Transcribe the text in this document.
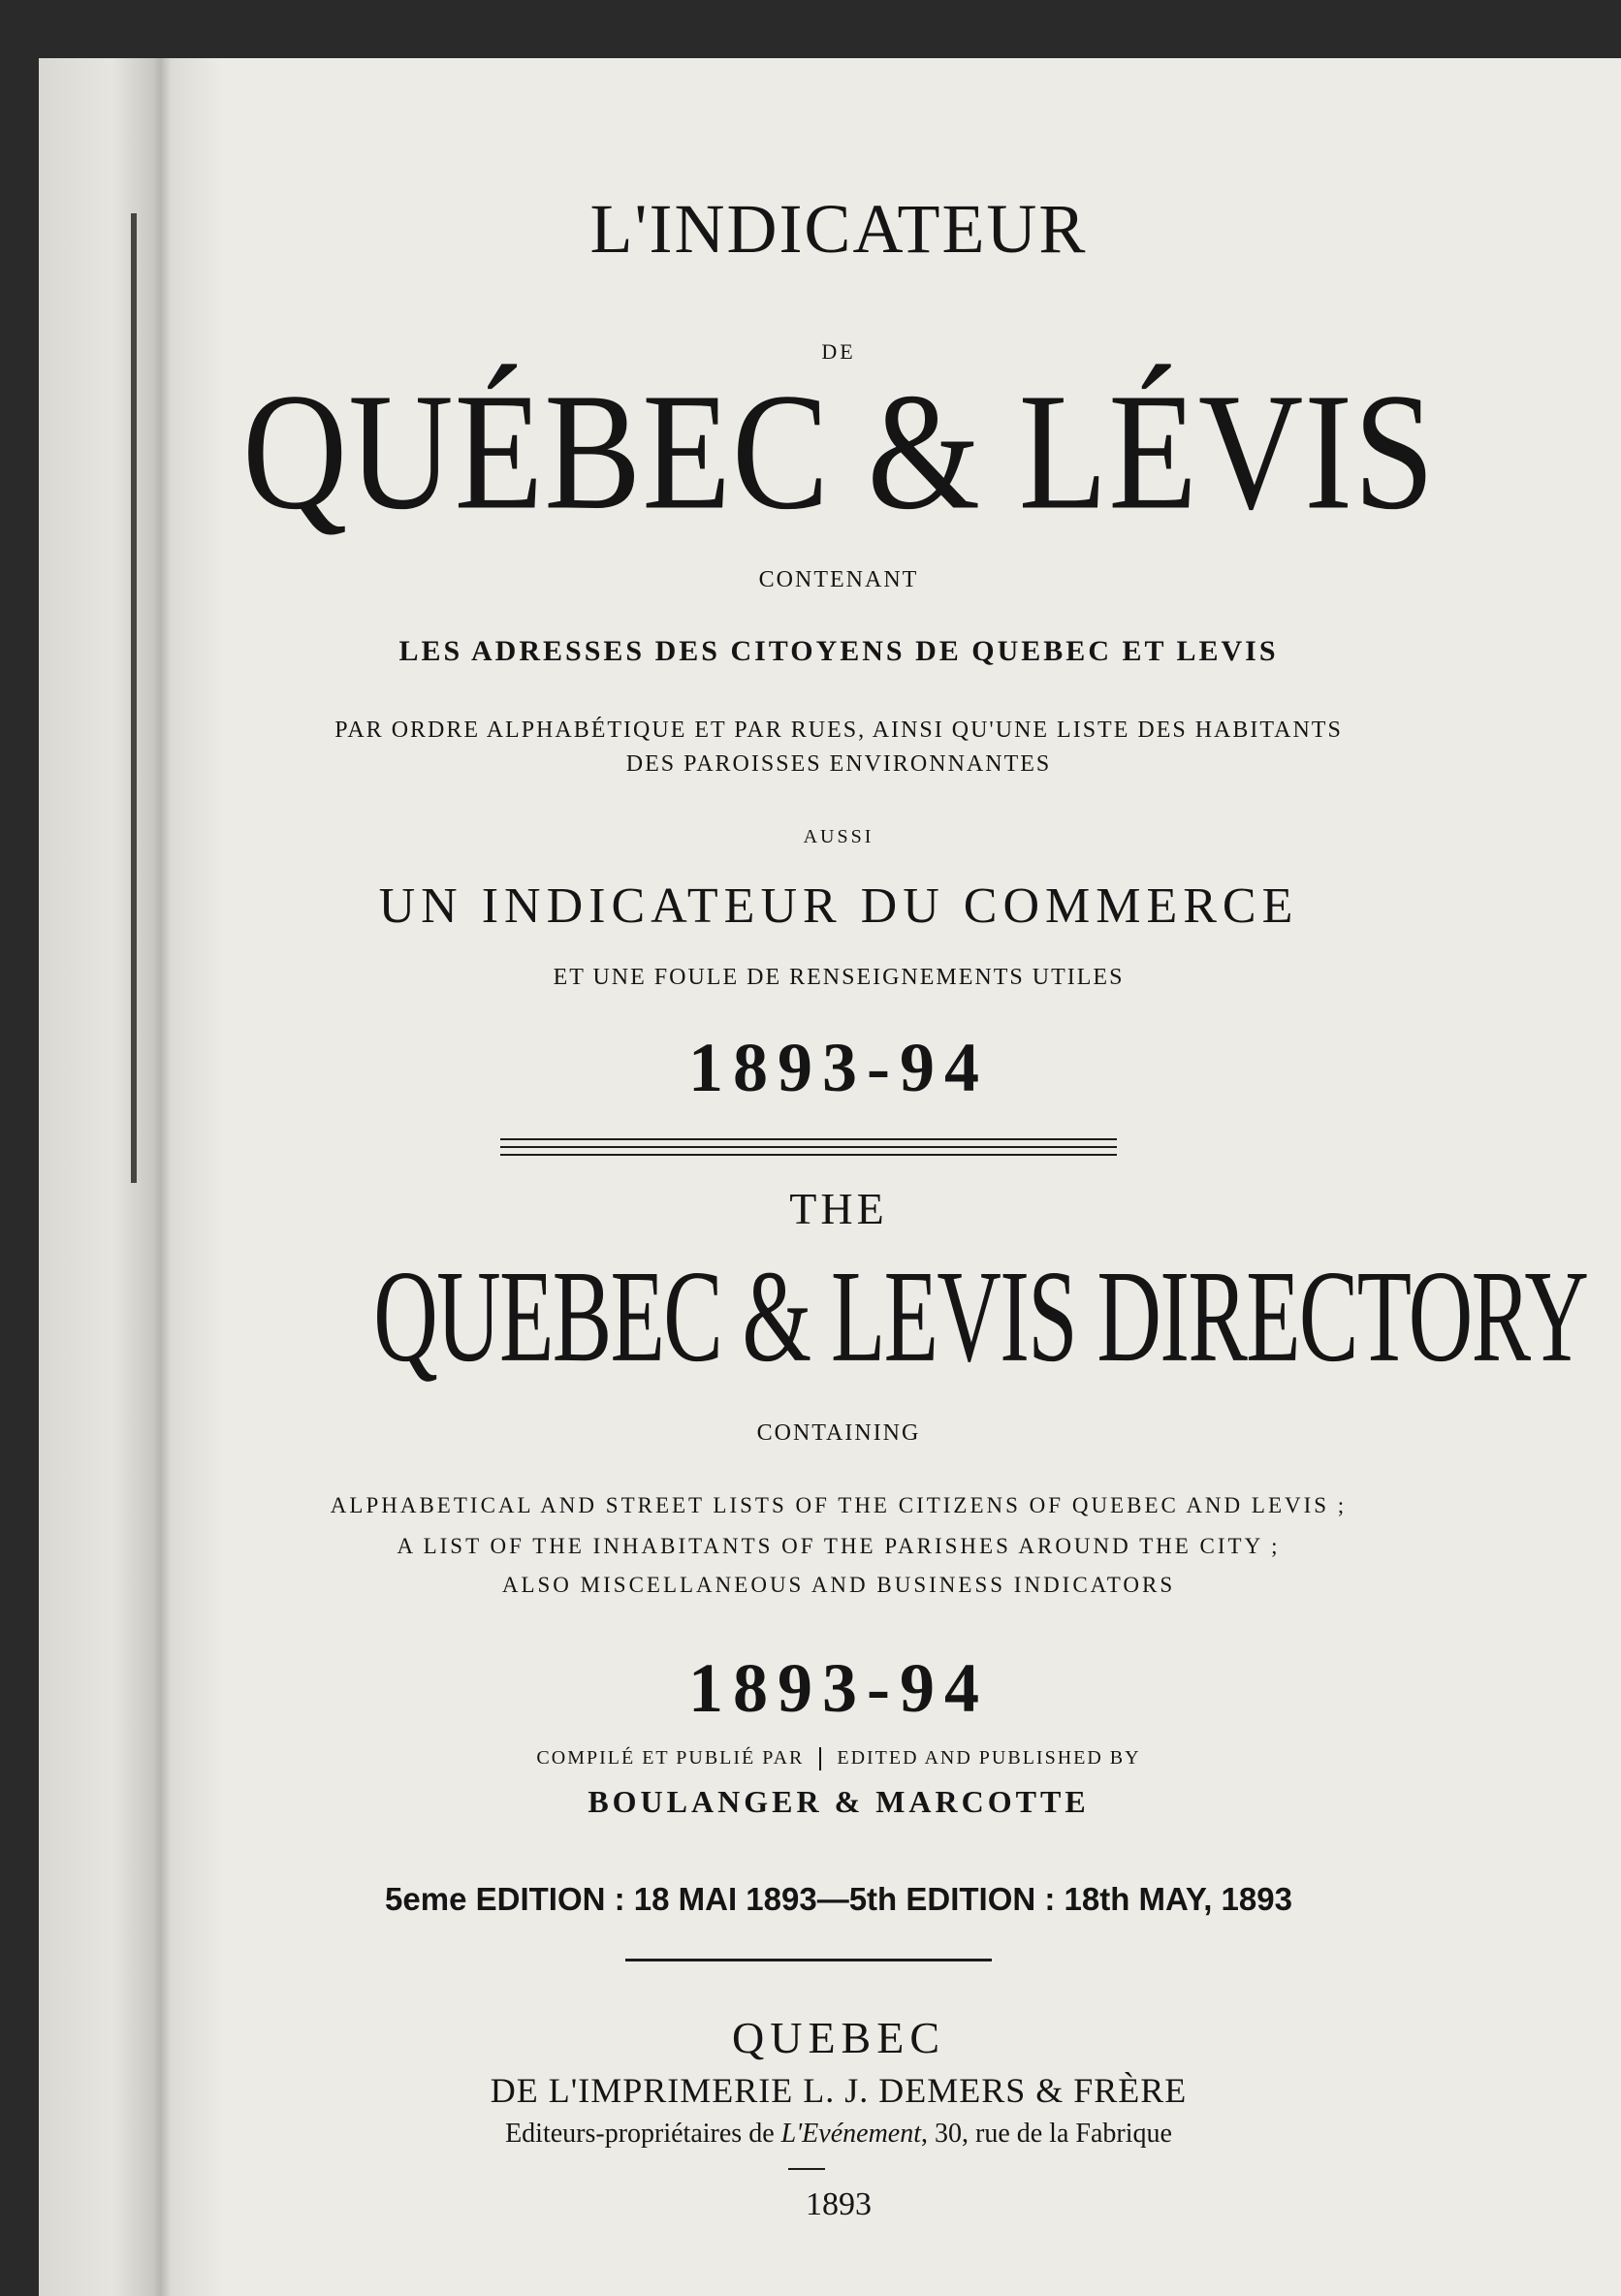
L'INDICATEUR
DE
QUÉBEC & LÉVIS
CONTENANT
LES ADRESSES DES CITOYENS DE QUEBEC ET LEVIS
PAR ORDRE ALPHABÉTIQUE ET PAR RUES, AINSI QU'UNE LISTE DES HABITANTS
DES PAROISSES ENVIRONNANTES
AUSSI
UN INDICATEUR DU COMMERCE
ET UNE FOULE DE RENSEIGNEMENTS UTILES
1893-94
THE
QUEBEC & LEVIS DIRECTORY
CONTAINING
ALPHABETICAL AND STREET LISTS OF THE CITIZENS OF QUEBEC AND LEVIS ;
A LIST OF THE INHABITANTS OF THE PARISHES AROUND THE CITY ;
ALSO MISCELLANEOUS AND BUSINESS INDICATORS
1893-94
COMPILÉ ET PUBLIÉ PAR EDITED AND PUBLISHED BY
BOULANGER & MARCOTTE
5eme EDITION : 18 MAI 1893—5th EDITION : 18th MAY, 1893
QUEBEC
DE L'IMPRIMERIE L. J. DEMERS & FRÈRE
Editeurs-propriétaires de L'Evénement, 30, rue de la Fabrique
1893
